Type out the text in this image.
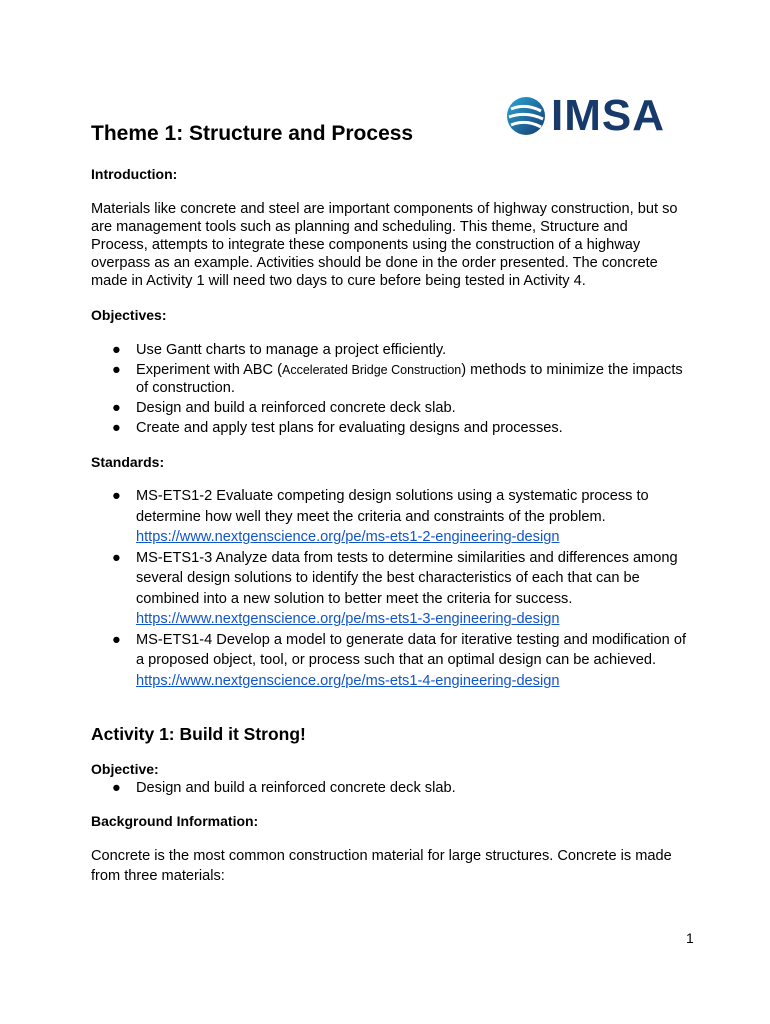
IMSA
Theme 1: Structure and Process
Introduction:

Materials like concrete and steel are important components of highway construction, but so are management tools such as planning and scheduling. This theme, Structure and Process, attempts to integrate these components using the construction of a highway overpass as an example. Activities should be done in the order presented. The concrete made in Activity 1 will need two days to cure before being tested in Activity 4.

Objectives:
● Use Gantt charts to manage a project efficiently.
● Experiment with ABC (Accelerated Bridge Construction) methods to minimize the impacts of construction.
● Design and build a reinforced concrete deck slab.
● Create and apply test plans for evaluating designs and processes.
Standards:
● MS-ETS1-2 Evaluate competing design solutions using a systematic process to determine how well they meet the criteria and constraints of the problem.
https://www.nextgenscience.org/pe/ms-ets1-2-engineering-design
● MS-ETS1-3 Analyze data from tests to determine similarities and differences among several design solutions to identify the best characteristics of each that can be combined into a new solution to better meet the criteria for success.
https://www.nextgenscience.org/pe/ms-ets1-3-engineering-design
● MS-ETS1-4 Develop a model to generate data for iterative testing and modification of a proposed object, tool, or process such that an optimal design can be achieved.
https://www.nextgenscience.org/pe/ms-ets1-4-engineering-design
Activity 1: Build it Strong!
Objective:
● Design and build a reinforced concrete deck slab.
Background Information:

Concrete is the most common construction material for large structures. Concrete is made from three materials:

1
